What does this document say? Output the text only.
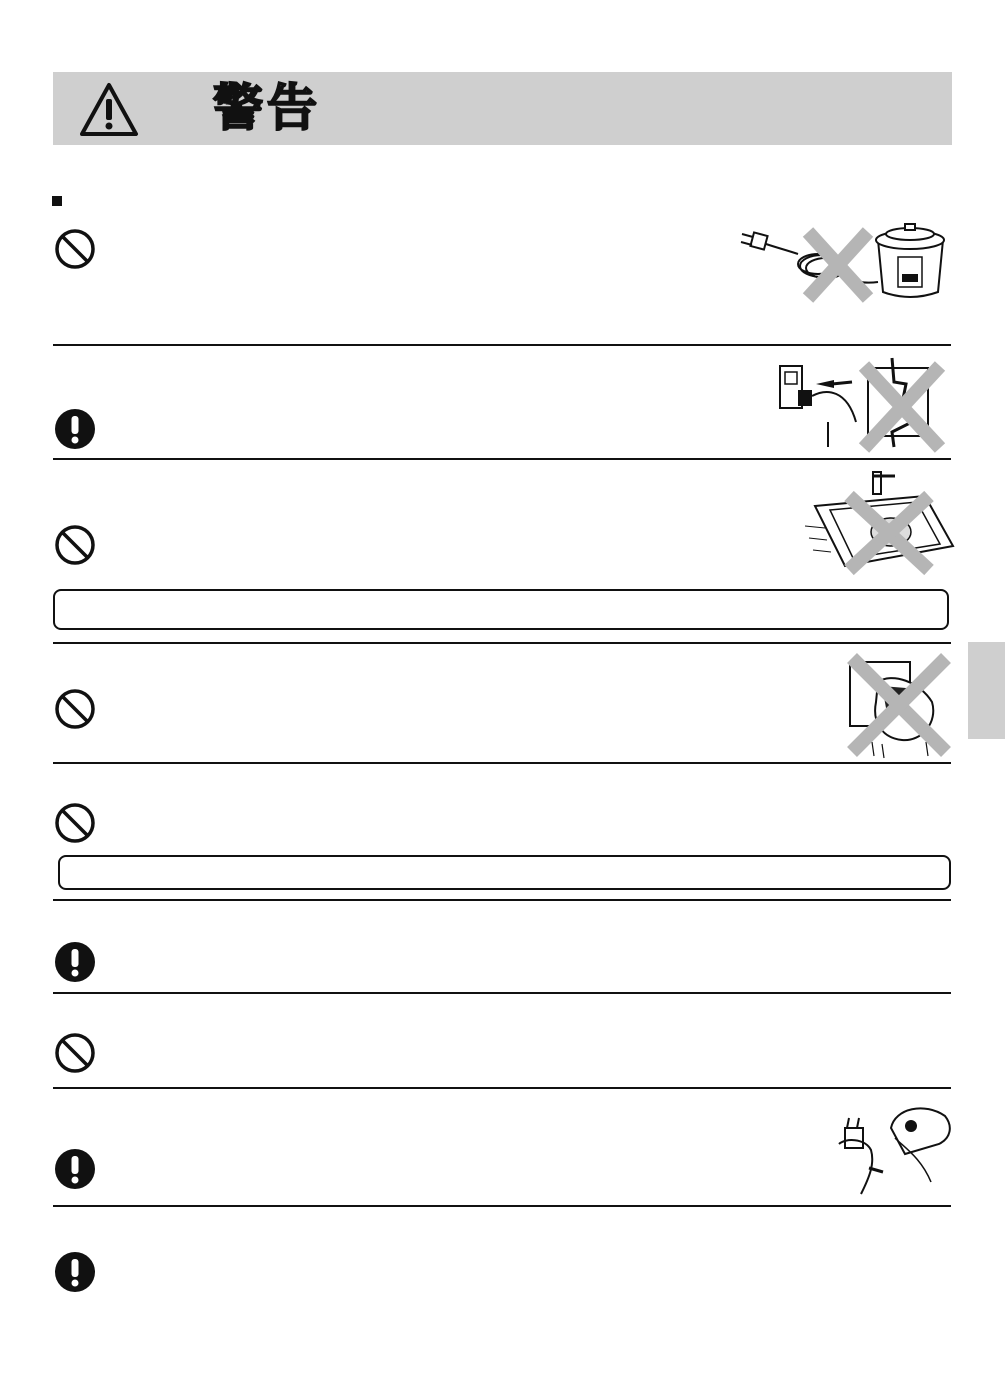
警告
